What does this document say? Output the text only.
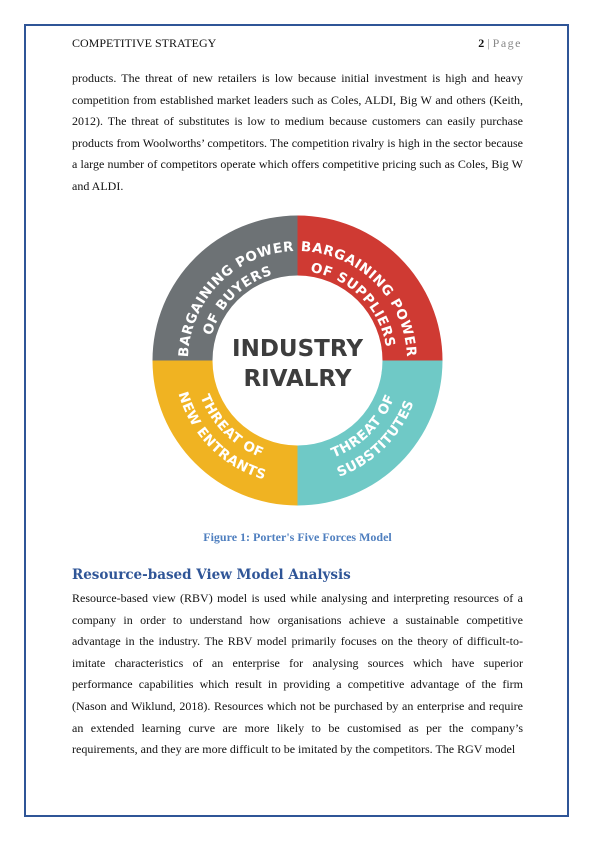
COMPETITIVE STRATEGY	2 | Page

products. The threat of new retailers is low because initial investment is high and heavy competition from established market leaders such as Coles, ALDI, Big W and others (Keith, 2012). The threat of substitutes is low to medium because customers can easily purchase products from Woolworths’ competitors. The competition rivalry is high in the sector because a large number of competitors operate which offers competitive pricing such as Coles, Big W and ALDI.

BARGAINING POWER
OF BUYERS
BARGAINING POWER
OF SUPPLIERS
THREAT OF
NEW ENTRANTS
THREAT OF
SUBSTITUTES
INDUSTRY
RIVALRY
Figure 1: Porter's Five Forces Model
Resource-based View Model Analysis

Resource-based view (RBV) model is used while analysing and interpreting resources of a company in order to understand how organisations achieve a sustainable competitive advantage in the industry. The RBV model primarily focuses on the theory of difficult-to-imitate characteristics of an enterprise for analysing sources which have superior performance capabilities which result in providing a competitive advantage of the firm (Nason and Wiklund, 2018). Resources which not be purchased by an enterprise and require an extended learning curve are more likely to be customised as per the company’s requirements, and they are more difficult to be imitated by the competitors. The RGV model
